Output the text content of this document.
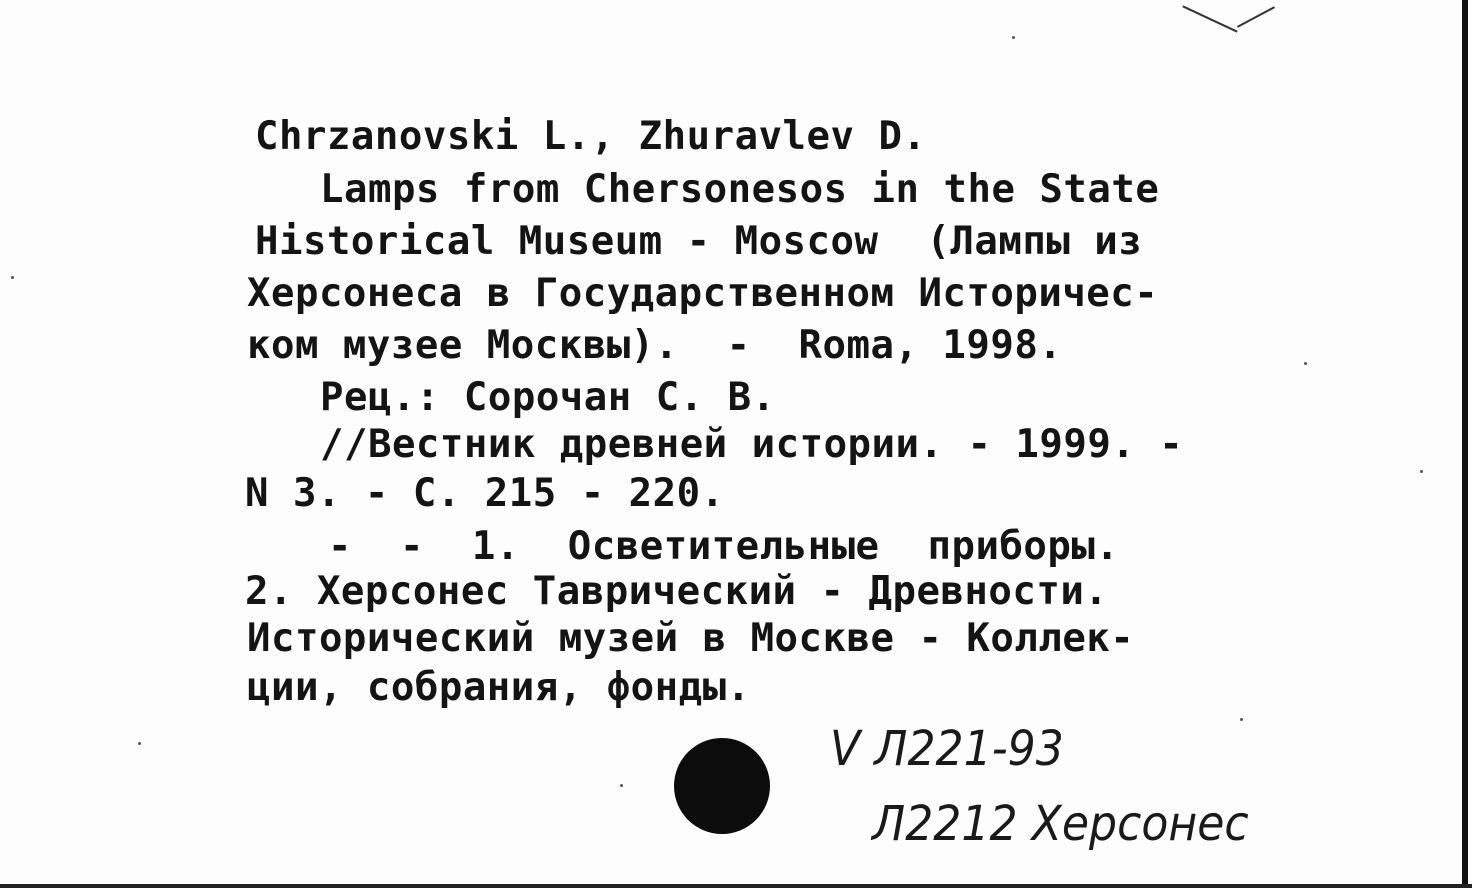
Chrzanovski L., Zhuravlev D.
Lamps from Chersonesos in the State
Historical Museum - Moscow  (Лампы из
Херсонеса в Государственном Историчес-
ком музее Москвы).  -  Roma, 1998.
Рец.: Сорочан С. В.
//Вестник древней истории. - 1999. -
N 3. - С. 215 - 220.
-  -  1.  Осветительные  приборы.
2. Херсонес Таврический - Древности.
Исторический музей в Москве - Коллек-
ции, собрания, фонды.
V Л221-93
Л2212 Херсонес
